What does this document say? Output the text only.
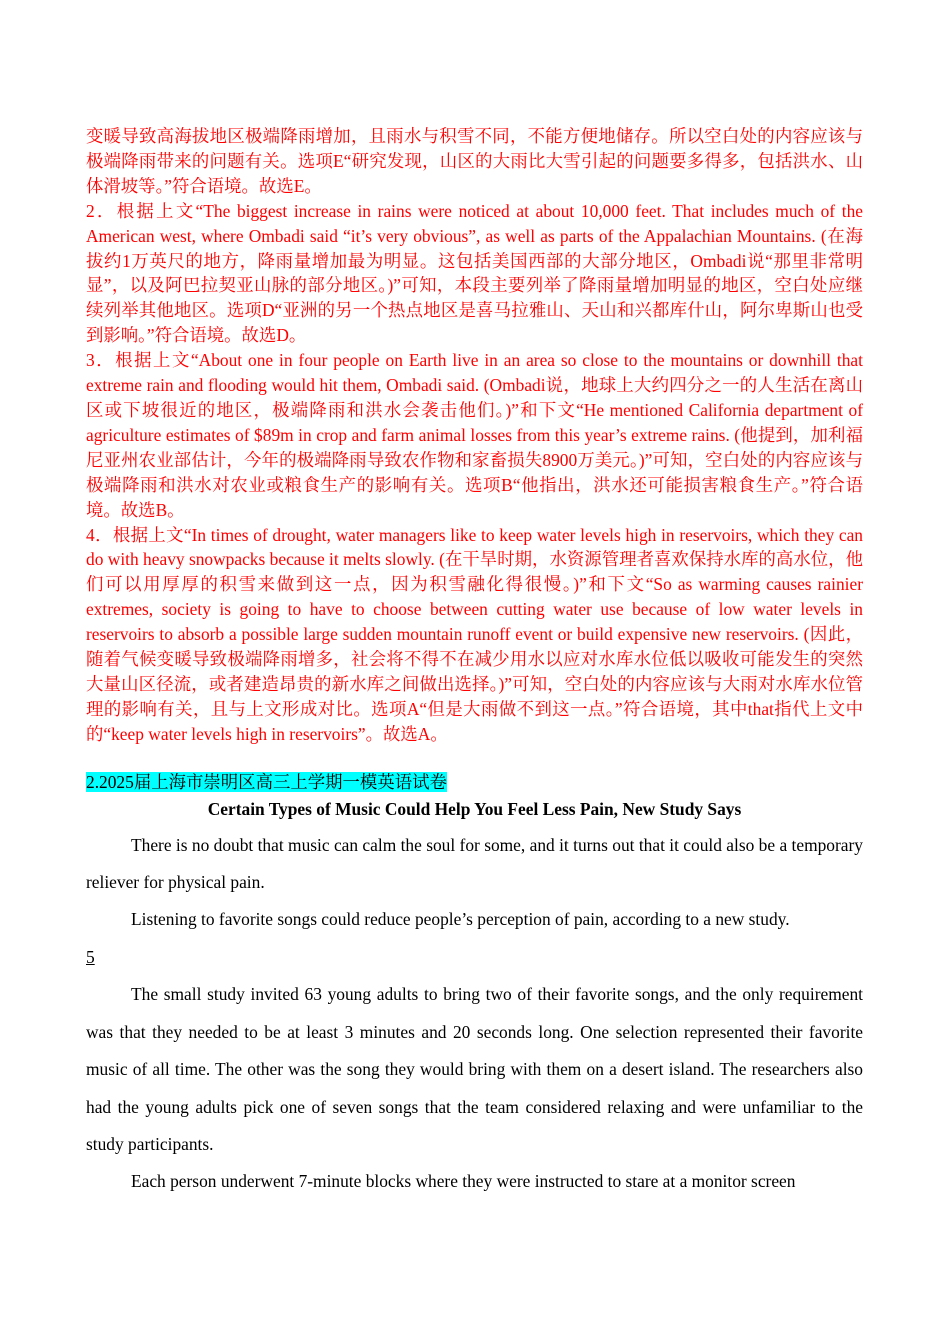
变暖导致高海拔地区极端降雨增加，且雨水与积雪不同，不能方便地储存。所以空白处的内容应该与极端降雨带来的问题有关。选项E“研究发现，山区的大雨比大雪引起的问题要多得多，包括洪水、山体滑坡等。”符合语境。故选E。

2．根据上文“The biggest increase in rains were noticed at about 10,000 feet. That includes much of the American west, where Ombadi said “it’s very obvious”, as well as parts of the Appalachian Mountains. (在海拔约1万英尺的地方，降雨量增加最为明显。这包括美国西部的大部分地区，Ombadi说“那里非常明显”，以及阿巴拉契亚山脉的部分地区。)”可知，本段主要列举了降雨量增加明显的地区，空白处应继续列举其他地区。选项D“亚洲的另一个热点地区是喜马拉雅山、天山和兴都库什山，阿尔卑斯山也受到影响。”符合语境。故选D。

3．根据上文“About one in four people on Earth live in an area so close to the mountains or downhill that extreme rain and flooding would hit them, Ombadi said. (Ombadi说，地球上大约四分之一的人生活在离山区或下坡很近的地区，极端降雨和洪水会袭击他们。)”和下文“He mentioned California department of agriculture estimates of $89m in crop and farm animal losses from this year’s extreme rains. (他提到，加利福尼亚州农业部估计，今年的极端降雨导致农作物和家畜损失8900万美元。)”可知，空白处的内容应该与极端降雨和洪水对农业或粮食生产的影响有关。选项B“他指出，洪水还可能损害粮食生产。”符合语境。故选B。

4．根据上文“In times of drought, water managers like to keep water levels high in reservoirs, which they can do with heavy snowpacks because it melts slowly. (在干旱时期，水资源管理者喜欢保持水库的高水位，他们可以用厚厚的积雪来做到这一点，因为积雪融化得很慢。)”和下文“So as warming causes rainier extremes, society is going to have to choose between cutting water use because of low water levels in reservoirs to absorb a possible large sudden mountain runoff event or build expensive new reservoirs. (因此，随着气候变暖导致极端降雨增多，社会将不得不在减少用水以应对水库水位低以吸收可能发生的突然大量山区径流，或者建造昂贵的新水库之间做出选择。)”可知，空白处的内容应该与大雨对水库水位管理的影响有关，且与上文形成对比。选项A“但是大雨做不到这一点。”符合语境，其中that指代上文中的“keep water levels high in reservoirs”。故选A。

2.2025届上海市崇明区高三上学期一模英语试卷
Certain Types of Music Could Help You Feel Less Pain, New Study Says

There is no doubt that music can calm the soul for some, and it turns out that it could also be a temporary reliever for physical pain.

Listening to favorite songs could reduce people’s perception of pain, according to a new study.

5

The small study invited 63 young adults to bring two of their favorite songs, and the only requirement was that they needed to be at least 3 minutes and 20 seconds long. One selection represented their favorite music of all time. The other was the song they would bring with them on a desert island. The researchers also had the young adults pick one of seven songs that the team considered relaxing and were unfamiliar to the study participants.

Each person underwent 7-minute blocks where they were instructed to stare at a monitor screen
